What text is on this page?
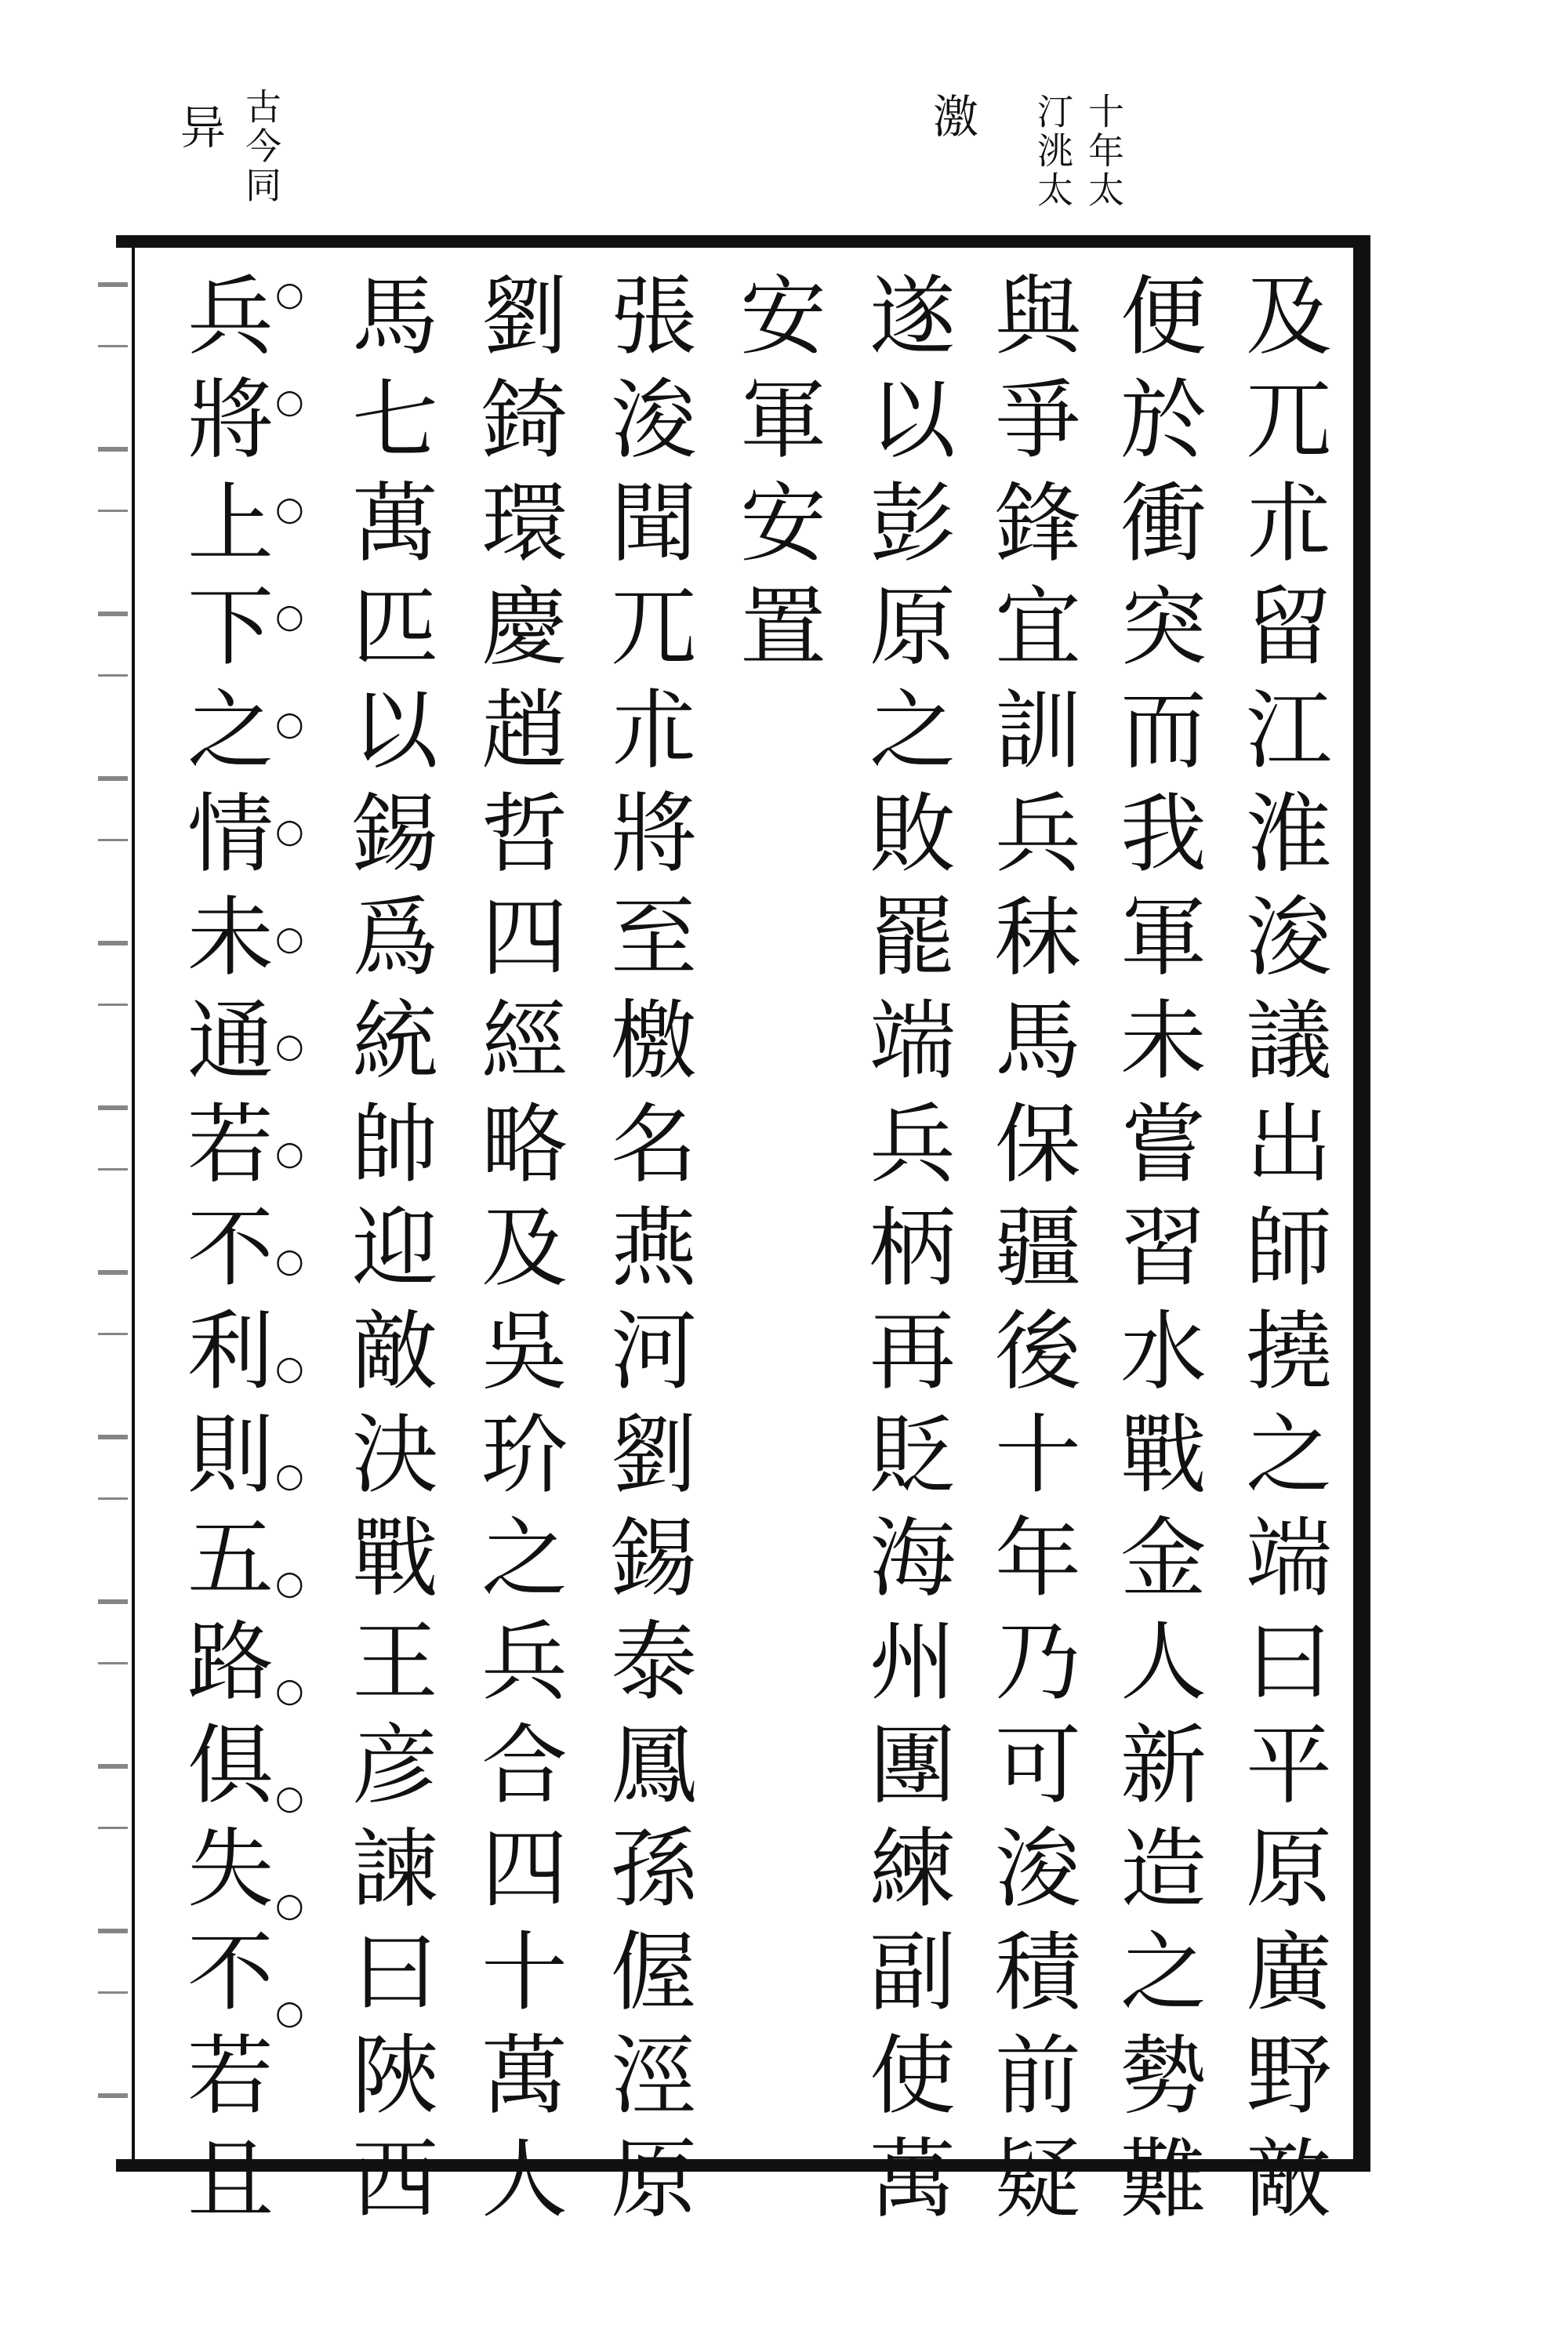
十年太
汀洮太
激
古今同
异
及兀朮留江淮浚議出師撓之端曰平原廣野敵
便於衝突而我軍未嘗習水戰金人新造之勢難
與爭鋒宜訓兵秣馬保疆後十年乃可浚積前疑
遂以彭原之敗罷端兵柄再貶海州團練副使萬
安軍安置
張浚聞兀朮將至檄名燕河劉錫泰鳳孫偓涇原
劉錡環慶趙哲四經略及吳玠之兵合四十萬人
馬七萬匹以錫爲統帥迎敵決戰王彦諫曰陜西
○○○○○○○○○○○○○○○○○
兵將上下之情未通若不利則五路俱失不若且
